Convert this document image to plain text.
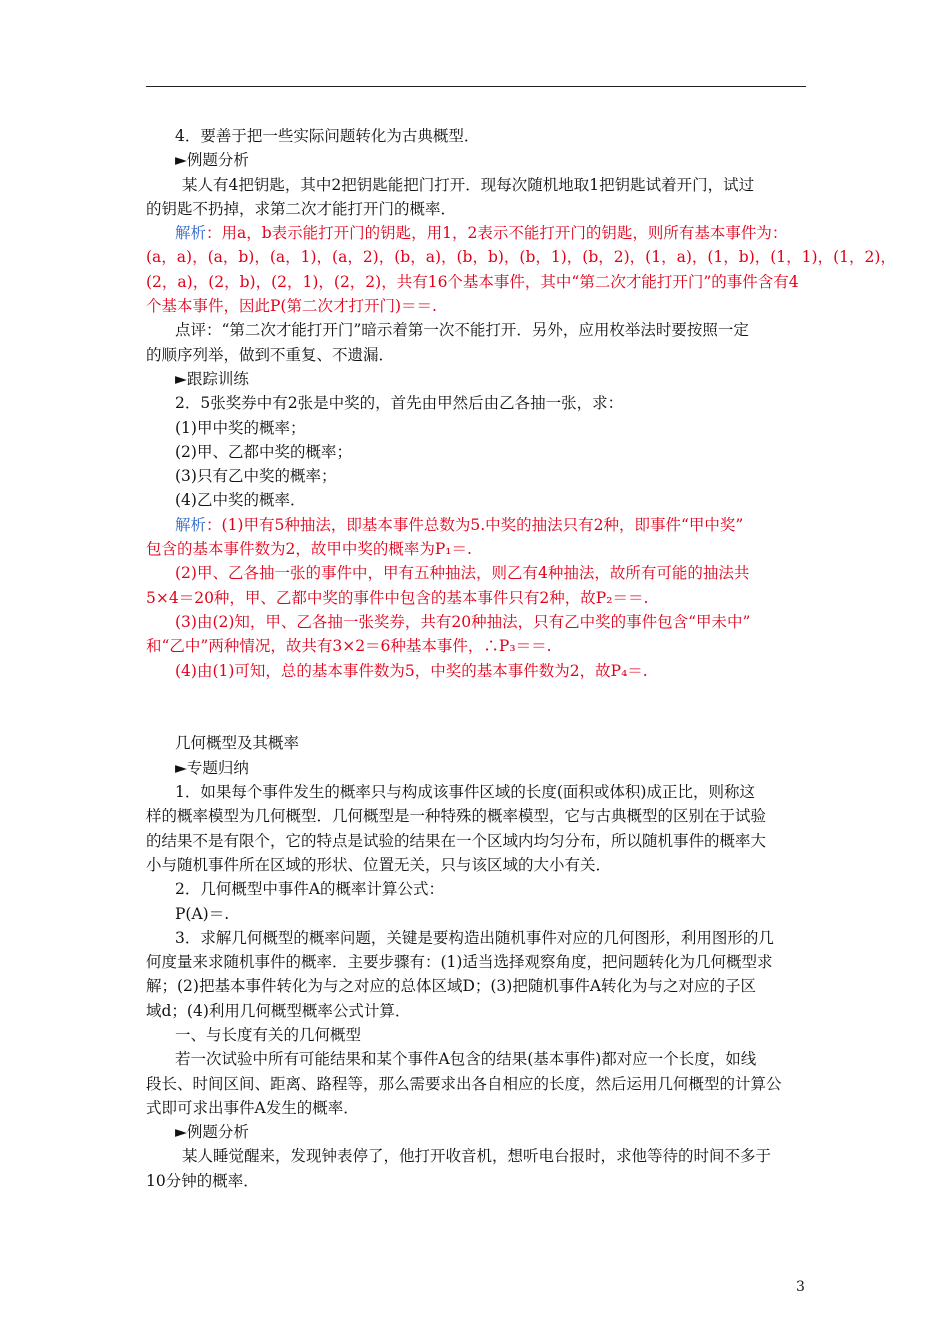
4．要善于把一些实际问题转化为古典概型．
►例题分析
某人有4把钥匙，其中2把钥匙能把门打开．现每次随机地取1把钥匙试着开门，试过
的钥匙不扔掉，求第二次才能打开门的概率．
解析：用a，b表示能打开门的钥匙，用1，2表示不能打开门的钥匙，则所有基本事件为：
(a，a)，(a，b)，(a，1)，(a，2)，(b，a)，(b，b)，(b，1)，(b，2)，(1，a)，(1，b)，(1，1)，(1，2)，
(2，a)，(2，b)，(2，1)，(2，2)，共有16个基本事件，其中“第二次才能打开门”的事件含有4
个基本事件，因此P(第二次才打开门)＝＝.
点评：“第二次才能打开门”暗示着第一次不能打开．另外，应用枚举法时要按照一定
的顺序列举，做到不重复、不遗漏．
►跟踪训练
2．5张奖券中有2张是中奖的，首先由甲然后由乙各抽一张，求：
(1)甲中奖的概率；
(2)甲、乙都中奖的概率；
(3)只有乙中奖的概率；
(4)乙中奖的概率．
解析：(1)甲有5种抽法，即基本事件总数为5.中奖的抽法只有2种，即事件“甲中奖”
包含的基本事件数为2，故甲中奖的概率为P₁＝.
(2)甲、乙各抽一张的事件中，甲有五种抽法，则乙有4种抽法，故所有可能的抽法共
5×4＝20种，甲、乙都中奖的事件中包含的基本事件只有2种，故P₂＝＝.
(3)由(2)知，甲、乙各抽一张奖券，共有20种抽法，只有乙中奖的事件包含“甲未中”
和“乙中”两种情况，故共有3×2＝6种基本事件，∴P₃＝＝.
(4)由(1)可知，总的基本事件数为5，中奖的基本事件数为2，故P₄＝.
几何概型及其概率
►专题归纳
1．如果每个事件发生的概率只与构成该事件区域的长度(面积或体积)成正比，则称这
样的概率模型为几何概型．几何概型是一种特殊的概率模型，它与古典概型的区别在于试验
的结果不是有限个，它的特点是试验的结果在一个区域内均匀分布，所以随机事件的概率大
小与随机事件所在区域的形状、位置无关，只与该区域的大小有关．
2．几何概型中事件A的概率计算公式：
P(A)＝.
3．求解几何概型的概率问题，关键是要构造出随机事件对应的几何图形，利用图形的几
何度量来求随机事件的概率．主要步骤有：(1)适当选择观察角度，把问题转化为几何概型求
解；(2)把基本事件转化为与之对应的总体区域D；(3)把随机事件A转化为与之对应的子区
域d；(4)利用几何概型概率公式计算．
一、与长度有关的几何概型
若一次试验中所有可能结果和某个事件A包含的结果(基本事件)都对应一个长度，如线
段长、时间区间、距离、路程等，那么需要求出各自相应的长度，然后运用几何概型的计算公
式即可求出事件A发生的概率．
►例题分析
某人睡觉醒来，发现钟表停了，他打开收音机，想听电台报时，求他等待的时间不多于
10分钟的概率．
3
